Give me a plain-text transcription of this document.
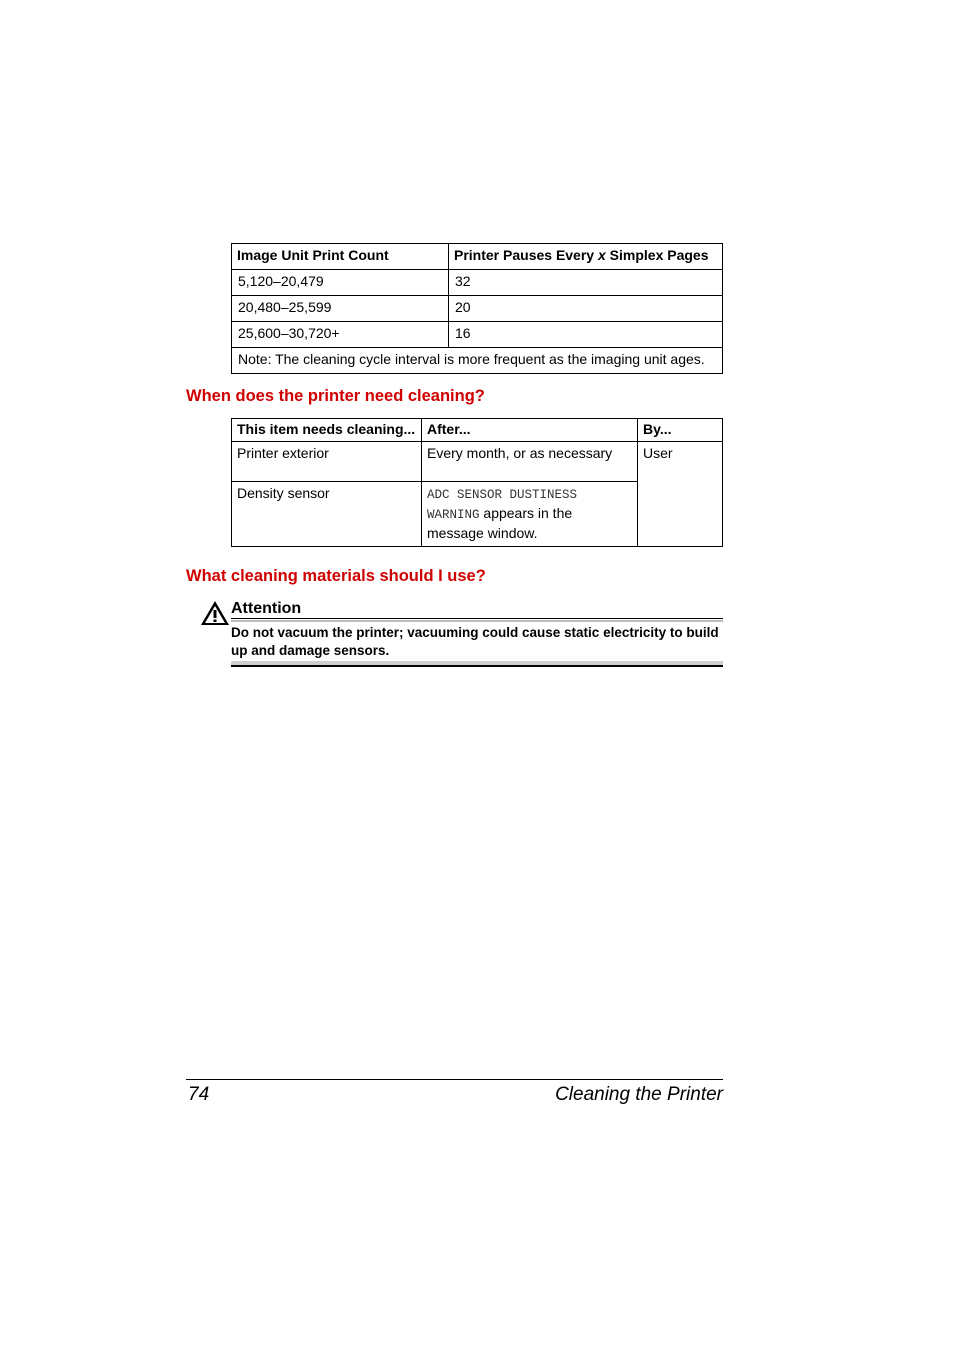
Image Unit Print Count	Printer Pauses Every x Simplex Pages
5,120–20,479	32
20,480–25,599	20
25,600–30,720+	16
Note: The cleaning cycle interval is more frequent as the imaging unit ages.	
When does the printer need cleaning?
This item needs cleaning...	After...	By...
Printer exterior	Every month, or as necessary	User
Density sensor	ADC SENSOR DUSTINESS WARNING appears in the message window.	
What cleaning materials should I use?
Attention
Do not vacuum the printer; vacuuming could cause static electricity to build up and damage sensors.
74	Cleaning the Printer
